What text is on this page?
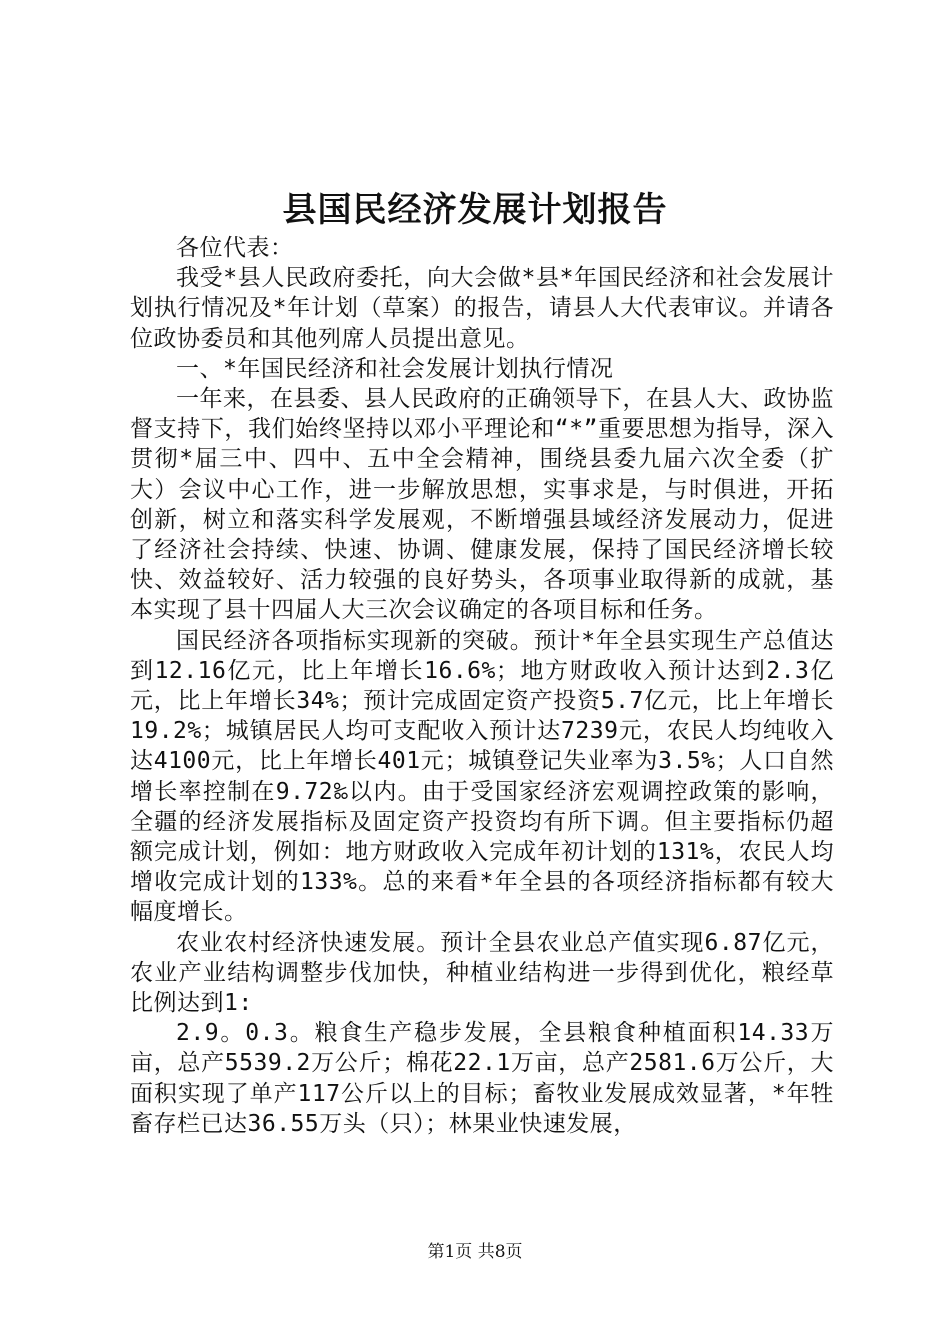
县国民经济发展计划报告

各位代表：

我受*县人民政府委托，向大会做*县*年国民经济和社会发展计划执行情况及*年计划（草案）的报告，请县人大代表审议。并请各位政协委员和其他列席人员提出意见。

一、*年国民经济和社会发展计划执行情况

一年来，在县委、县人民政府的正确领导下，在县人大、政协监督支持下，我们始终坚持以邓小平理论和“*”重要思想为指导，深入贯彻*届三中、四中、五中全会精神，围绕县委九届六次全委（扩大）会议中心工作，进一步解放思想，实事求是，与时俱进，开拓创新，树立和落实科学发展观，不断增强县域经济发展动力，促进了经济社会持续、快速、协调、健康发展，保持了国民经济增长较快、效益较好、活力较强的良好势头，各项事业取得新的成就，基本实现了县十四届人大三次会议确定的各项目标和任务。

国民经济各项指标实现新的突破。预计*年全县实现生产总值达到12.16亿元，比上年增长16.6%；地方财政收入预计达到2.3亿元，比上年增长34%；预计完成固定资产投资5.7亿元，比上年增长19.2%；城镇居民人均可支配收入预计达7239元，农民人均纯收入达4100元，比上年增长401元；城镇登记失业率为3.5%；人口自然增长率控制在9.72‰以内。由于受国家经济宏观调控政策的影响，全疆的经济发展指标及固定资产投资均有所下调。但主要指标仍超额完成计划，例如：地方财政收入完成年初计划的131%，农民人均增收完成计划的133%。总的来看*年全县的各项经济指标都有较大幅度增长。

农业农村经济快速发展。预计全县农业总产值实现6.87亿元，农业产业结构调整步伐加快，种植业结构进一步得到优化，粮经草比例达到1:

2.9。0.3。粮食生产稳步发展，全县粮食种植面积14.33万亩，总产5539.2万公斤；棉花22.1万亩，总产2581.6万公斤，大面积实现了单产117公斤以上的目标；畜牧业发展成效显著，*年牲畜存栏已达36.55万头（只）；林果业快速发展，

第1页 共8页
